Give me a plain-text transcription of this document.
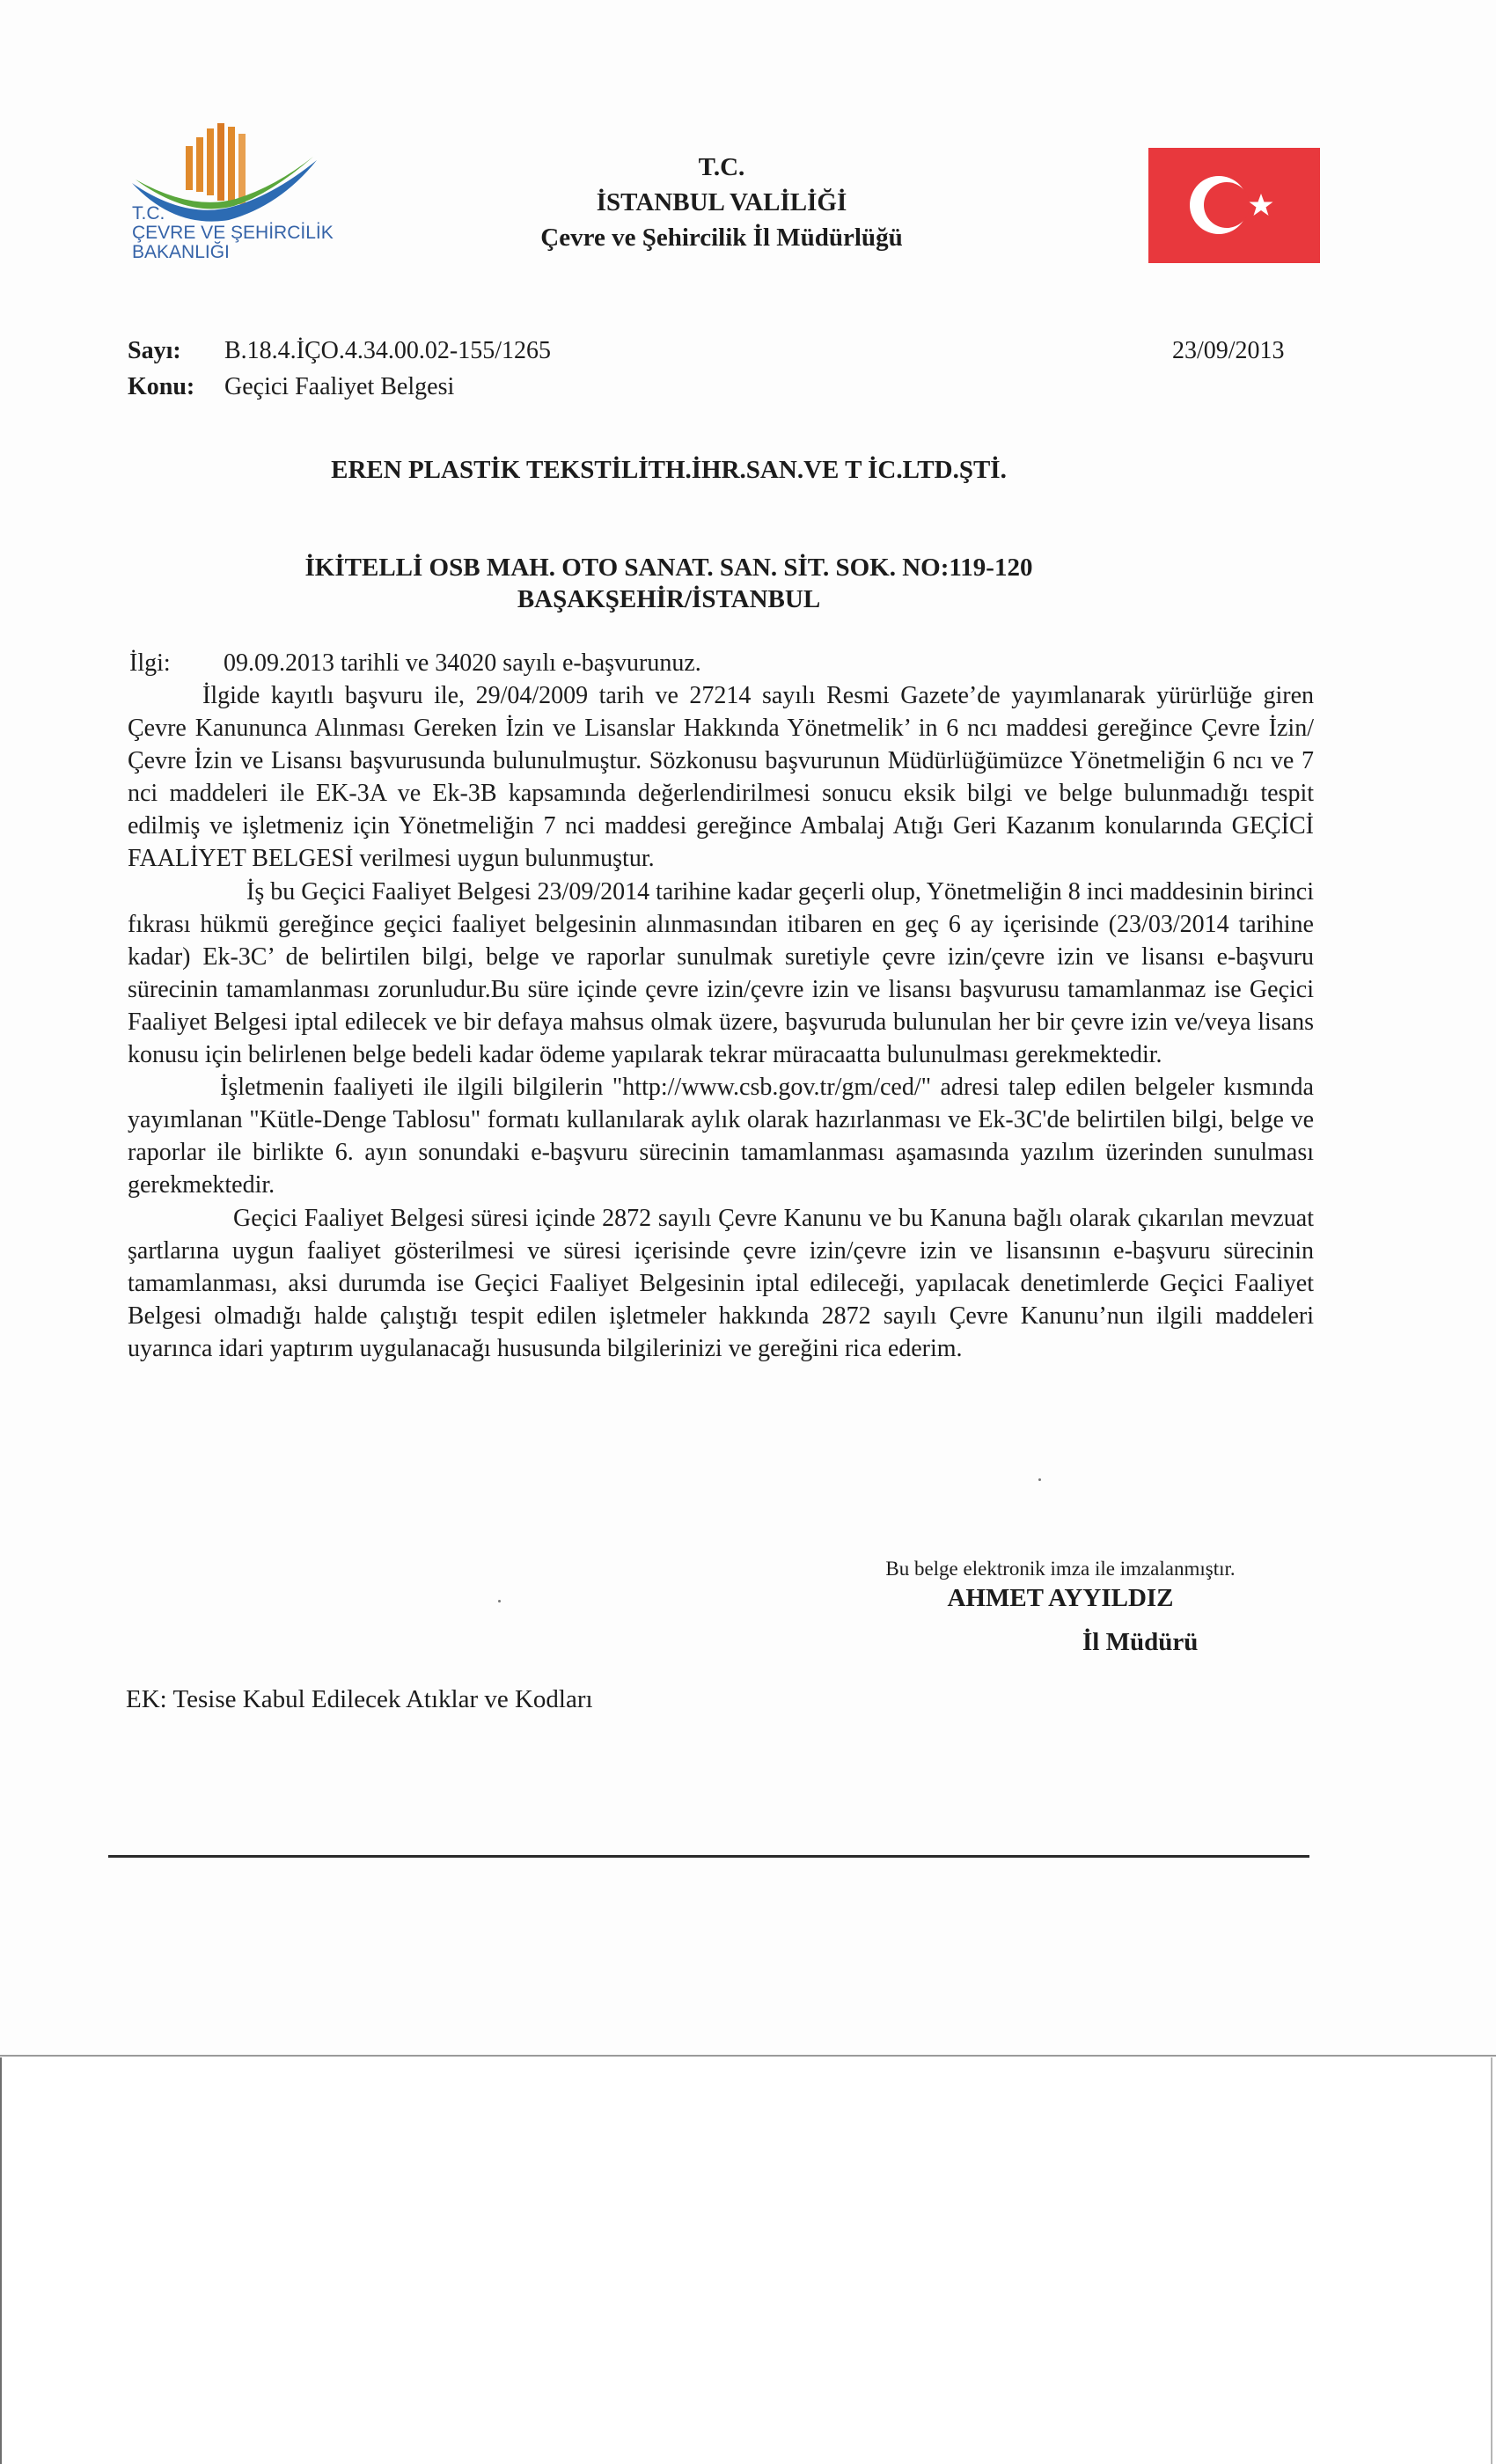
T.C.
ÇEVRE VE ŞEHİRCİLİK
BAKANLIĞI
T.C.
İSTANBUL VALİLİĞİ
Çevre ve Şehircilik İl Müdürlüğü
Sayı: B.18.4.İÇO.4.34.00.02-155/1265	23/09/2013
Konu: Geçici Faaliyet Belgesi
EREN PLASTİK TEKSTİLİTH.İHR.SAN.VE T İC.LTD.ŞTİ.
İKİTELLİ OSB MAH. OTO SANAT. SAN. SİT. SOK. NO:119-120
BAŞAKŞEHİR/İSTANBUL
İlgi: 09.09.2013 tarihli ve 34020 sayılı e-başvurunuz.

İlgide kayıtlı başvuru ile, 29/04/2009 tarih ve 27214 sayılı Resmi Gazete’de yayımlanarak yürürlüğe giren Çevre Kanununca Alınması Gereken İzin ve Lisanslar Hakkında Yönetmelik’ in 6 ncı maddesi gereğince Çevre İzin/Çevre İzin ve Lisansı başvurusunda bulunulmuştur. Sözkonusu başvurunun Müdürlüğümüzce Yönetmeliğin 6 ncı ve 7 nci maddeleri ile EK-3A ve Ek-3B kapsamında değerlendirilmesi sonucu eksik bilgi ve belge bulunmadığı tespit edilmiş ve işletmeniz için Yönetmeliğin 7 nci maddesi gereğince Ambalaj Atığı Geri Kazanım konularında GEÇİCİ FAALİYET BELGESİ verilmesi uygun bulunmuştur.

İş bu Geçici Faaliyet Belgesi 23/09/2014 tarihine kadar geçerli olup, Yönetmeliğin 8 inci maddesinin birinci fıkrası hükmü gereğince geçici faaliyet belgesinin alınmasından itibaren en geç 6 ay içerisinde (23/03/2014 tarihine kadar) Ek-3C’ de belirtilen bilgi, belge ve raporlar sunulmak suretiyle çevre izin/çevre izin ve lisansı e-başvuru sürecinin tamamlanması zorunludur.Bu süre içinde çevre izin/çevre izin ve lisansı başvurusu tamamlanmaz ise Geçici Faaliyet Belgesi iptal edilecek ve bir defaya mahsus olmak üzere, başvuruda bulunulan her bir çevre izin ve/veya lisans konusu için belirlenen belge bedeli kadar ödeme yapılarak tekrar müracaatta bulunulması gerekmektedir.

İşletmenin faaliyeti ile ilgili bilgilerin "http://www.csb.gov.tr/gm/ced/" adresi talep edilen belgeler kısmında yayımlanan "Kütle-Denge Tablosu" formatı kullanılarak aylık olarak hazırlanması ve Ek-3C'de belirtilen bilgi, belge ve raporlar ile birlikte 6. ayın sonundaki e-başvuru sürecinin tamamlanması aşamasında yazılım üzerinden sunulması gerekmektedir.

Geçici Faaliyet Belgesi süresi içinde 2872 sayılı Çevre Kanunu ve bu Kanuna bağlı olarak çıkarılan mevzuat şartlarına uygun faaliyet gösterilmesi ve süresi içerisinde çevre izin/çevre izin ve lisansının e-başvuru sürecinin tamamlanması, aksi durumda ise Geçici Faaliyet Belgesinin iptal edileceği, yapılacak denetimlerde Geçici Faaliyet Belgesi olmadığı halde çalıştığı tespit edilen işletmeler hakkında 2872 sayılı Çevre Kanunu’nun ilgili maddeleri uyarınca idari yaptırım uygulanacağı hususunda bilgilerinizi ve gereğini rica ederim.

Bu belge elektronik imza ile imzalanmıştır.
AHMET AYYILDIZ
İl Müdürü
EK: Tesise Kabul Edilecek Atıklar ve Kodları
